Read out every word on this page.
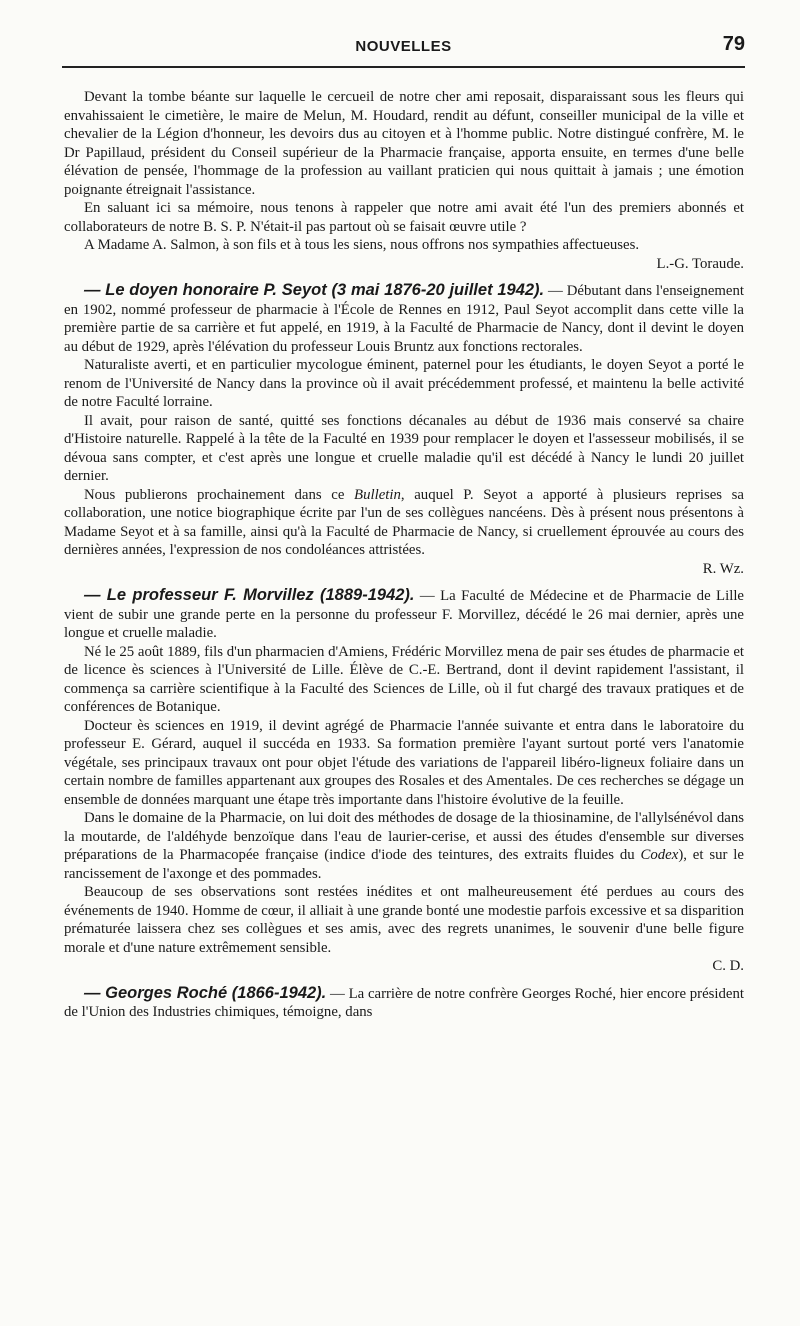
NOUVELLES	79

Devant la tombe béante sur laquelle le cercueil de notre cher ami reposait, disparaissant sous les fleurs qui envahissaient le cimetière, le maire de Melun, M. Houdard, rendit au défunt, conseiller municipal de la ville et chevalier de la Légion d'honneur, les devoirs dus au citoyen et à l'homme public. Notre distingué confrère, M. le Dr Papillaud, président du Conseil supérieur de la Pharmacie française, apporta ensuite, en termes d'une belle élévation de pensée, l'hommage de la profession au vaillant praticien qui nous quittait à jamais ; une émotion poignante étreignait l'assistance.

En saluant ici sa mémoire, nous tenons à rappeler que notre ami avait été l'un des premiers abonnés et collaborateurs de notre B. S. P. N'était-il pas partout où se faisait œuvre utile ?

A Madame A. Salmon, à son fils et à tous les siens, nous offrons nos sympathies affectueuses.
L.-G. Toraude.

— Le doyen honoraire P. Seyot (3 mai 1876-20 juillet 1942). — Débutant dans l'enseignement en 1902, nommé professeur de pharmacie à l'École de Rennes en 1912, Paul Seyot accomplit dans cette ville la première partie de sa carrière et fut appelé, en 1919, à la Faculté de Pharmacie de Nancy, dont il devint le doyen au début de 1929, après l'élévation du professeur Louis Bruntz aux fonctions rectorales.

Naturaliste averti, et en particulier mycologue éminent, paternel pour les étudiants, le doyen Seyot a porté le renom de l'Université de Nancy dans la province où il avait précédemment professé, et maintenu la belle activité de notre Faculté lorraine.

Il avait, pour raison de santé, quitté ses fonctions décanales au début de 1936 mais conservé sa chaire d'Histoire naturelle. Rappelé à la tête de la Faculté en 1939 pour remplacer le doyen et l'assesseur mobilisés, il se dévoua sans compter, et c'est après une longue et cruelle maladie qu'il est décédé à Nancy le lundi 20 juillet dernier.

Nous publierons prochainement dans ce Bulletin, auquel P. Seyot a apporté à plusieurs reprises sa collaboration, une notice biographique écrite par l'un de ses collègues nancéens. Dès à présent nous présentons à Madame Seyot et à sa famille, ainsi qu'à la Faculté de Pharmacie de Nancy, si cruellement éprouvée au cours des dernières années, l'expression de nos condoléances attristées.
R. Wz.

— Le professeur F. Morvillez (1889-1942). — La Faculté de Médecine et de Pharmacie de Lille vient de subir une grande perte en la personne du professeur F. Morvillez, décédé le 26 mai dernier, après une longue et cruelle maladie.

Né le 25 août 1889, fils d'un pharmacien d'Amiens, Frédéric Morvillez mena de pair ses études de pharmacie et de licence ès sciences à l'Université de Lille. Élève de C.-E. Bertrand, dont il devint rapidement l'assistant, il commença sa carrière scientifique à la Faculté des Sciences de Lille, où il fut chargé des travaux pratiques et de conférences de Botanique.

Docteur ès sciences en 1919, il devint agrégé de Pharmacie l'année suivante et entra dans le laboratoire du professeur E. Gérard, auquel il succéda en 1933. Sa formation première l'ayant surtout porté vers l'anatomie végétale, ses principaux travaux ont pour objet l'étude des variations de l'appareil libéro-ligneux foliaire dans un certain nombre de familles appartenant aux groupes des Rosales et des Amentales. De ces recherches se dégage un ensemble de données marquant une étape très importante dans l'histoire évolutive de la feuille.

Dans le domaine de la Pharmacie, on lui doit des méthodes de dosage de la thiosinamine, de l'allylsénévol dans la moutarde, de l'aldéhyde benzoïque dans l'eau de laurier-cerise, et aussi des études d'ensemble sur diverses préparations de la Pharmacopée française (indice d'iode des teintures, des extraits fluides du Codex), et sur le rancissement de l'axonge et des pommades.

Beaucoup de ses observations sont restées inédites et ont malheureusement été perdues au cours des événements de 1940. Homme de cœur, il alliait à une grande bonté une modestie parfois excessive et sa disparition prématurée laissera chez ses collègues et ses amis, avec des regrets unanimes, le souvenir d'une belle figure morale et d'une nature extrêmement sensible.
C. D.

— Georges Roché (1866-1942). — La carrière de notre confrère Georges Roché, hier encore président de l'Union des Industries chimiques, témoigne, dans
